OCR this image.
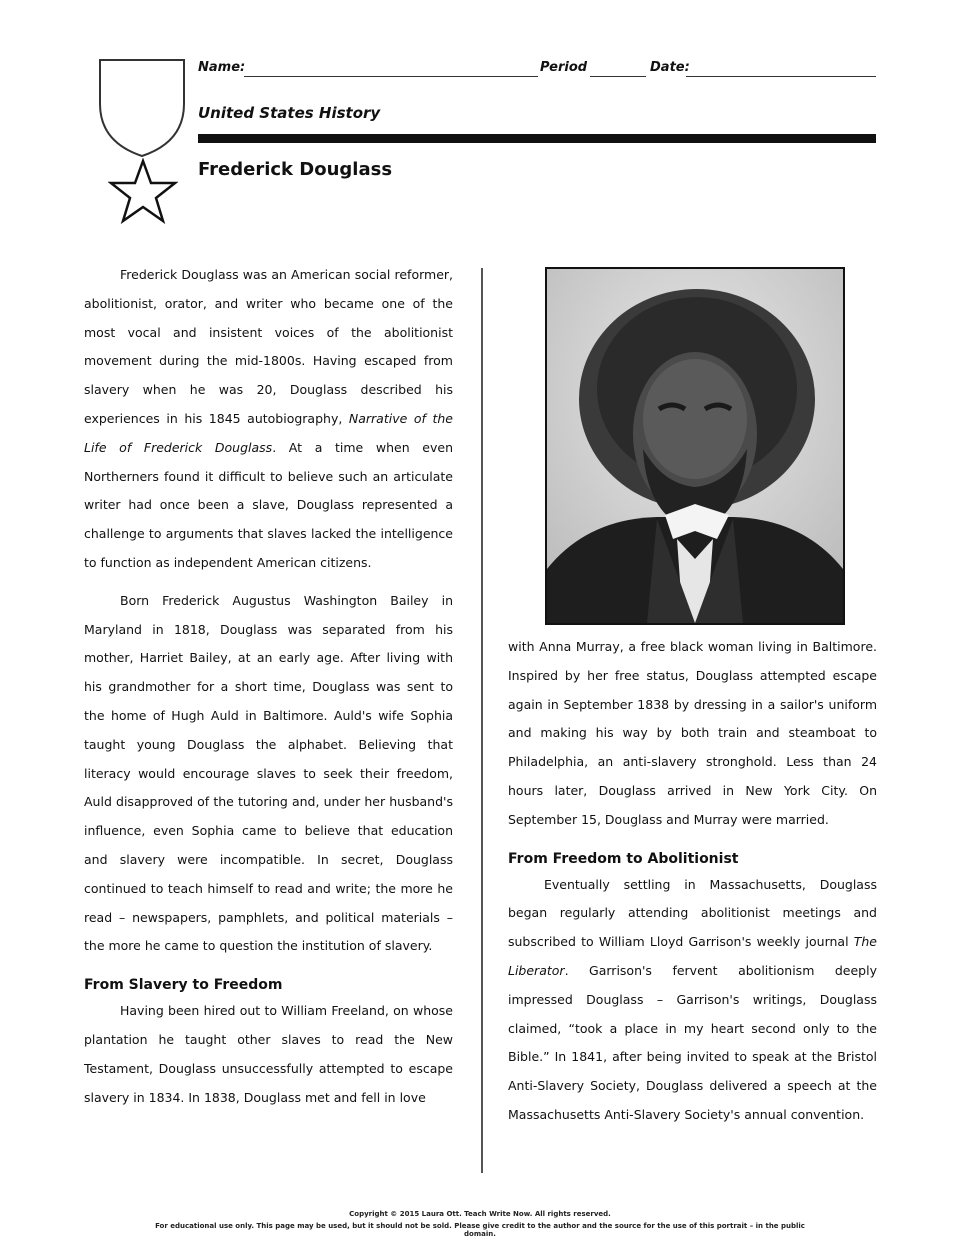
Name:	Period	Date:
United States History
Frederick Douglass

Frederick Douglass was an American social reformer, abolitionist, orator, and writer who became one of the most vocal and insistent voices of the abolitionist movement during the mid-1800s. Having escaped from slavery when he was 20, Douglass described his experiences in his 1845 autobiography, Narrative of the Life of Frederick Douglass. At a time when even Northerners found it difficult to believe such an articulate writer had once been a slave, Douglass represented a challenge to arguments that slaves lacked the intelligence to function as independent American citizens.

Born Frederick Augustus Washington Bailey in Maryland in 1818, Douglass was separated from his mother, Harriet Bailey, at an early age. After living with his grandmother for a short time, Douglass was sent to the home of Hugh Auld in Baltimore. Auld's wife Sophia taught young Douglass the alphabet. Believing that literacy would encourage slaves to seek their freedom, Auld disapproved of the tutoring and, under her husband's influence, even Sophia came to believe that education and slavery were incompatible. In secret, Douglass continued to teach himself to read and write; the more he read – newspapers, pamphlets, and political materials – the more he came to question the institution of slavery.

From Slavery to Freedom

Having been hired out to William Freeland, on whose plantation he taught other slaves to read the New Testament, Douglass unsuccessfully attempted to escape slavery in 1834. In 1838, Douglass met and fell in love

with Anna Murray, a free black woman living in Baltimore. Inspired by her free status, Douglass attempted escape again in September 1838 by dressing in a sailor's uniform and making his way by both train and steamboat to Philadelphia, an anti-slavery stronghold. Less than 24 hours later, Douglass arrived in New York City. On September 15, Douglass and Murray were married.

From Freedom to Abolitionist

Eventually settling in Massachusetts, Douglass began regularly attending abolitionist meetings and subscribed to William Lloyd Garrison's weekly journal The Liberator. Garrison's fervent abolitionism deeply impressed Douglass – Garrison's writings, Douglass claimed, “took a place in my heart second only to the Bible.” In 1841, after being invited to speak at the Bristol Anti-Slavery Society, Douglass delivered a speech at the Massachusetts Anti-Slavery Society's annual convention.

Copyright © 2015 Laura Ott. Teach Write Now. All rights reserved.
For educational use only. This page may be used, but it should not be sold. Please give credit to the author and the source for the use of this portrait – in the public domain.
